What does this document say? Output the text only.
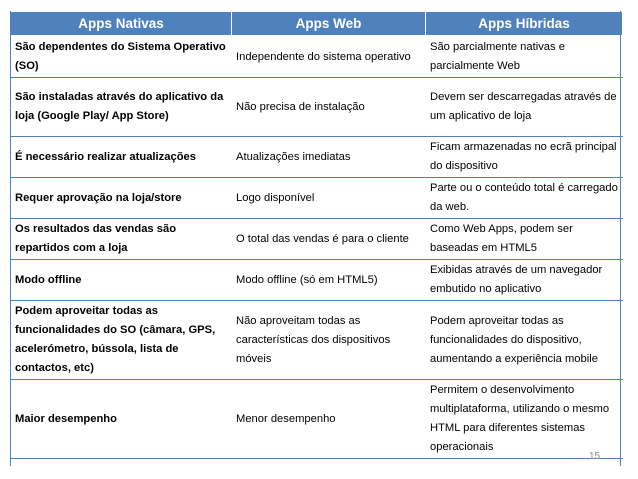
Apps Nativas	Apps Web	Apps Híbridas
São dependentes do Sistema Operativo (SO)	Independente do sistema operativo	São parcialmente nativas e parcialmente Web
São instaladas através do aplicativo da loja (Google Play/ App Store)	Não precisa de instalação	Devem ser descarregadas através de um aplicativo de loja
É necessário realizar atualizações	Atualizações imediatas	Ficam armazenadas no ecrã principal do dispositivo
Requer aprovação na loja/store	Logo disponível	Parte ou o conteúdo total é carregado da web.
Os resultados das vendas são repartidos com a loja	O total das vendas é para o cliente	Como Web Apps, podem ser baseadas em HTML5
Modo offline	Modo offline (só em HTML5)	Exibidas através de um navegador embutido no aplicativo
Podem aproveitar todas as funcionalidades do SO (câmara, GPS, acelerómetro, bússola, lista de contactos, etc)	Não aproveitam todas as características dos dispositivos móveis	Podem aproveitar todas as funcionalidades do dispositivo, aumentando a experiência mobile
Maior desempenho	Menor desempenho	Permitem o desenvolvimento multiplataforma, utilizando o mesmo HTML para diferentes sistemas operacionais
15
